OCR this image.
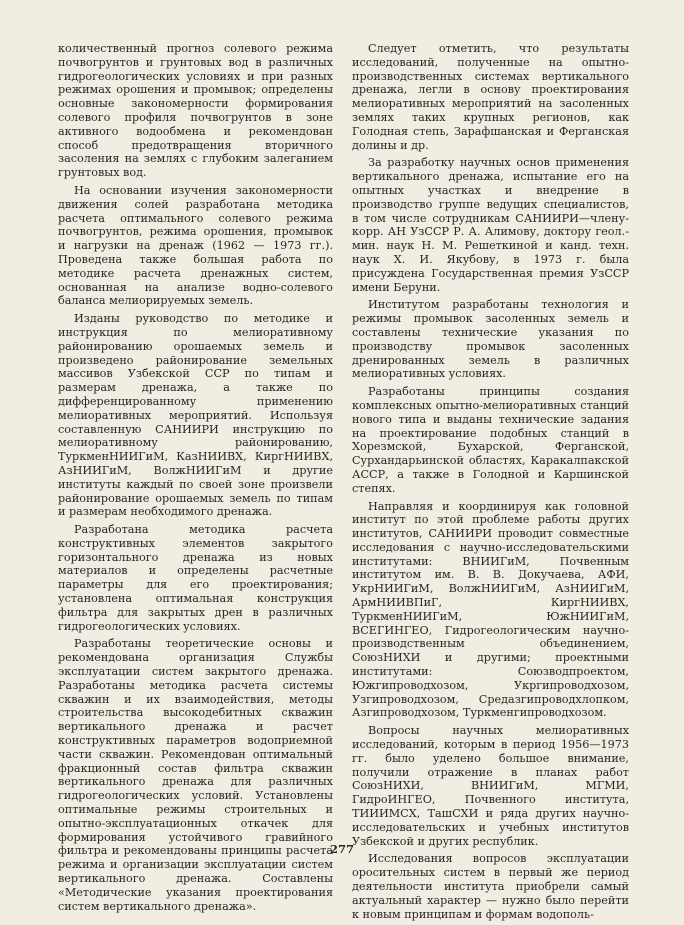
количественный прогноз солевого режима почвогрунтов и грунтовых вод в различных гидрогеологических условиях и при разных режимах орошения и промывок; определены основные закономерности формирования солевого профиля почвогрунтов в зоне активного водообмена и рекомендован способ предотвращения вторичного засоления на землях с глубоким залеганием грунтовых вод.

На основании изучения закономерности движения солей разработана методика расчета оптимального солевого режима почвогрунтов, режима орошения, промывок и нагрузки на дренаж (1962 — 1973 гг.). Проведена также большая работа по методике расчета дренажных систем, основанная на анализе водно-солевого баланса мелиорируемых земель.

Изданы руководство по методике и инструкция по мелиоративному районированию орошаемых земель и произведено районирование земельных массивов Узбекской ССР по типам и размерам дренажа, а также по дифференцированному применению мелиоративных мероприятий. Используя составленную САНИИРИ инструкцию по мелиоративному районированию, ТуркменНИИГиМ, КазНИИВХ, КиргНИИВХ, АзНИИГиМ, ВолжНИИГиМ и другие институты каждый по своей зоне произвели районирование орошаемых земель по типам и размерам необходимого дренажа.

Разработана методика расчета конструктивных элементов закрытого горизонтального дренажа из новых материалов и определены расчетные параметры для его проектирования; установлена оптимальная конструкция фильтра для закрытых дрен в различных гидрогеологических условиях.

Разработаны теоретические основы и рекомендована организация Службы эксплуатации систем закрытого дренажа. Разработаны методика расчета системы скважин и их взаимодействия, методы строительства высокодебитных скважин вертикального дренажа и расчет конструктивных параметров водоприемной части скважин. Рекомендован оптимальный фракционный состав фильтра скважин вертикального дренажа для различных гидрогеологических условий. Установлены оптимальные режимы строительных и опытно-эксплуатационных откачек для формирования устойчивого гравийного фильтра и рекомендованы принципы расчета режима и организации эксплуатации систем вертикального дренажа. Составлены «Методические указания проектирования систем вертикального дренажа».

Следует отметить, что результаты исследований, полученные на опытно-производственных системах вертикального дренажа, легли в основу проектирования мелиоративных мероприятий на засоленных землях таких крупных регионов, как Голодная степь, Зарафшанская и Ферганская долины и др.

За разработку научных основ применения вертикального дренажа, испытание его на опытных участках и внедрение в производство группе ведущих специалистов, в том числе сотрудникам САНИИРИ—члену-корр. АН УзССР Р. А. Алимову, доктору геол.-мин. наук Н. М. Решеткиной и канд. техн. наук Х. И. Якубову, в 1973 г. была присуждена Государственная премия УзССР имени Беруни.

Институтом разработаны технология и режимы промывок засоленных земель и составлены технические указания по производству промывок засоленных дренированных земель в различных мелиоративных условиях.

Разработаны принципы создания комплексных опытно-мелиоративных станций нового типа и выданы технические задания на проектирование подобных станций в Хорезмской, Бухарской, Ферганской, Сурхандарьинской областях, Каракалпакской АССР, а также в Голодной и Каршинской степях.

Направляя и координируя как головной институт по этой проблеме работы других институтов, САНИИРИ проводит совместные исследования с научно-исследовательскими институтами: ВНИИГиМ, Почвенным институтом им. В. В. Докучаева, АФИ, УкрНИИГиМ, ВолжНИИГиМ, АзНИИГиМ, АрмНИИВПиГ, КиргНИИВХ, ТуркменНИИГиМ, ЮжНИИГиМ, ВСЕГИНГЕО, Гидрогеологическим научно-производственным объединением, СоюзНИХИ и другими; проектными институтами: Союзводпроектом, Южгипроводхозом, Укргипроводхозом, Узгипроводхозом, Средазгипроводхлопком, Азгипроводхозом, Туркменгипроводхозом.

Вопросы научных мелиоративных исследований, которым в период 1956—1973 гг. было уделено большое внимание, получили отражение в планах работ СоюзНИХИ, ВНИИГиМ, МГМИ, ГидроИНГЕО, Почвенного института, ТИИИМСХ, ТашСХИ и ряда других научно-исследовательских и учебных институтов Узбекской и других республик.

Исследования вопросов эксплуатации оросительных систем в первый же период деятельности института приобрели самый актуальный характер — нужно было перейти к новым принципам и формам водополь-

277
